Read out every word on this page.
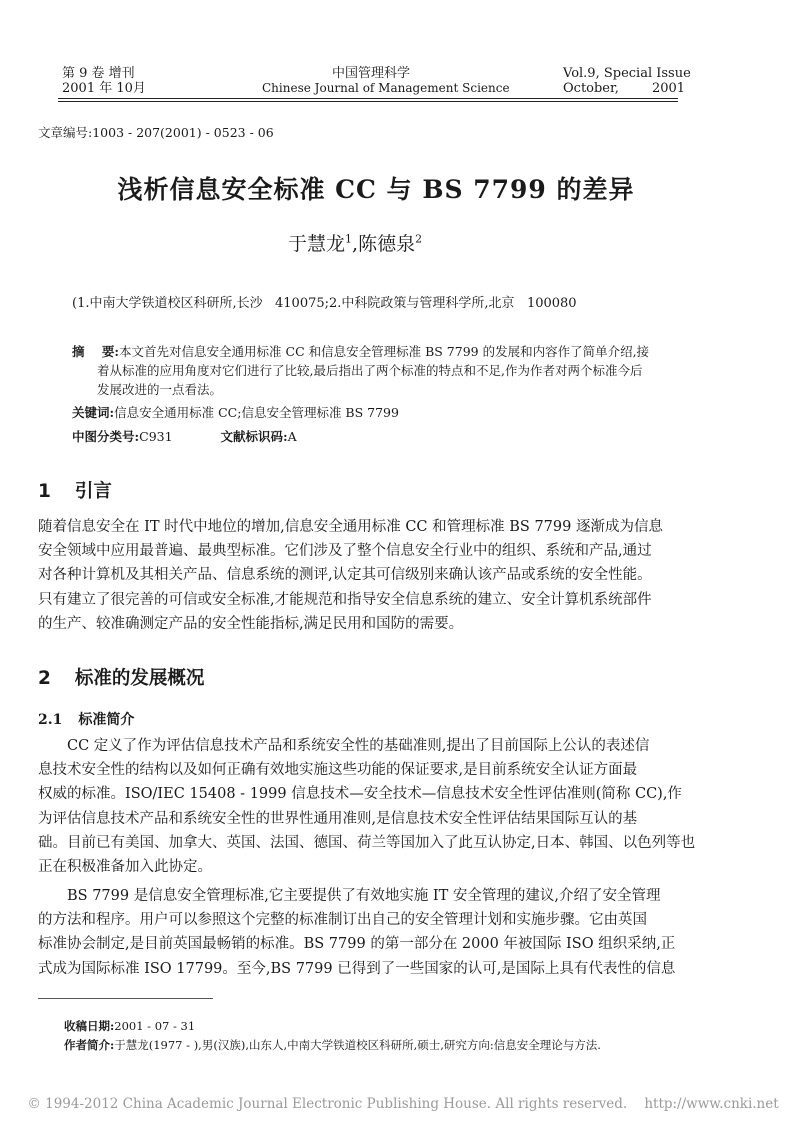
第 9 卷 增刊
2001 年 10月
中国管理科学
Chinese Journal of Management Science
Vol.9, Special Issue
October,        2001
文章编号:1003 - 207(2001) - 0523 - 06
浅析信息安全标准 CC 与 BS 7799 的差异
于慧龙$^1$,陈德泉$^2$
(1.中南大学铁道校区科研所,长沙   410075;2.中科院政策与管理科学所,北京   100080
摘    要:本文首先对信息安全通用标准 CC 和信息安全管理标准 BS 7799 的发展和内容作了简单介绍,接
着从标准的应用角度对它们进行了比较,最后指出了两个标准的特点和不足,作为作者对两个标准今后
发展改进的一点看法。
关键词:信息安全通用标准 CC;信息安全管理标准 BS 7799
中图分类号:C931	文献标识码:A
1 引言

随着信息安全在 IT 时代中地位的增加,信息安全通用标准 CC 和管理标准 BS 7799 逐渐成为信息

安全领域中应用最普遍、最典型标准。它们涉及了整个信息安全行业中的组织、系统和产品,通过

对各种计算机及其相关产品、信息系统的测评,认定其可信级别来确认该产品或系统的安全性能。

只有建立了很完善的可信或安全标准,才能规范和指导安全信息系统的建立、安全计算机系统部件

的生产、较准确测定产品的安全性能指标,满足民用和国防的需要。

2 标准的发展概况
2.1 标准简介

CC 定义了作为评估信息技术产品和系统安全性的基础准则,提出了目前国际上公认的表述信

息技术安全性的结构以及如何正确有效地实施这些功能的保证要求,是目前系统安全认证方面最

权威的标准。ISO/IEC 15408 - 1999 信息技术—安全技术—信息技术安全性评估准则(简称 CC),作

为评估信息技术产品和系统安全性的世界性通用准则,是信息技术安全性评估结果国际互认的基

础。目前已有美国、加拿大、英国、法国、德国、荷兰等国加入了此互认协定,日本、韩国、以色列等也

正在积极准备加入此协定。

BS 7799 是信息安全管理标准,它主要提供了有效地实施 IT 安全管理的建议,介绍了安全管理

的方法和程序。用户可以参照这个完整的标准制订出自己的安全管理计划和实施步骤。它由英国

标准协会制定,是目前英国最畅销的标准。BS 7799 的第一部分在 2000 年被国际 ISO 组织采纳,正

式成为国际标准 ISO 17799。至今,BS 7799 已得到了一些国家的认可,是国际上具有代表性的信息

收稿日期:2001 - 07 - 31
作者简介:于慧龙(1977 - ),男(汉族),山东人,中南大学铁道校区科研所,硕士,研究方向:信息安全理论与方法.
© 1994-2012 China Academic Journal Electronic Publishing House. All rights reserved.    http://www.cnki.net
